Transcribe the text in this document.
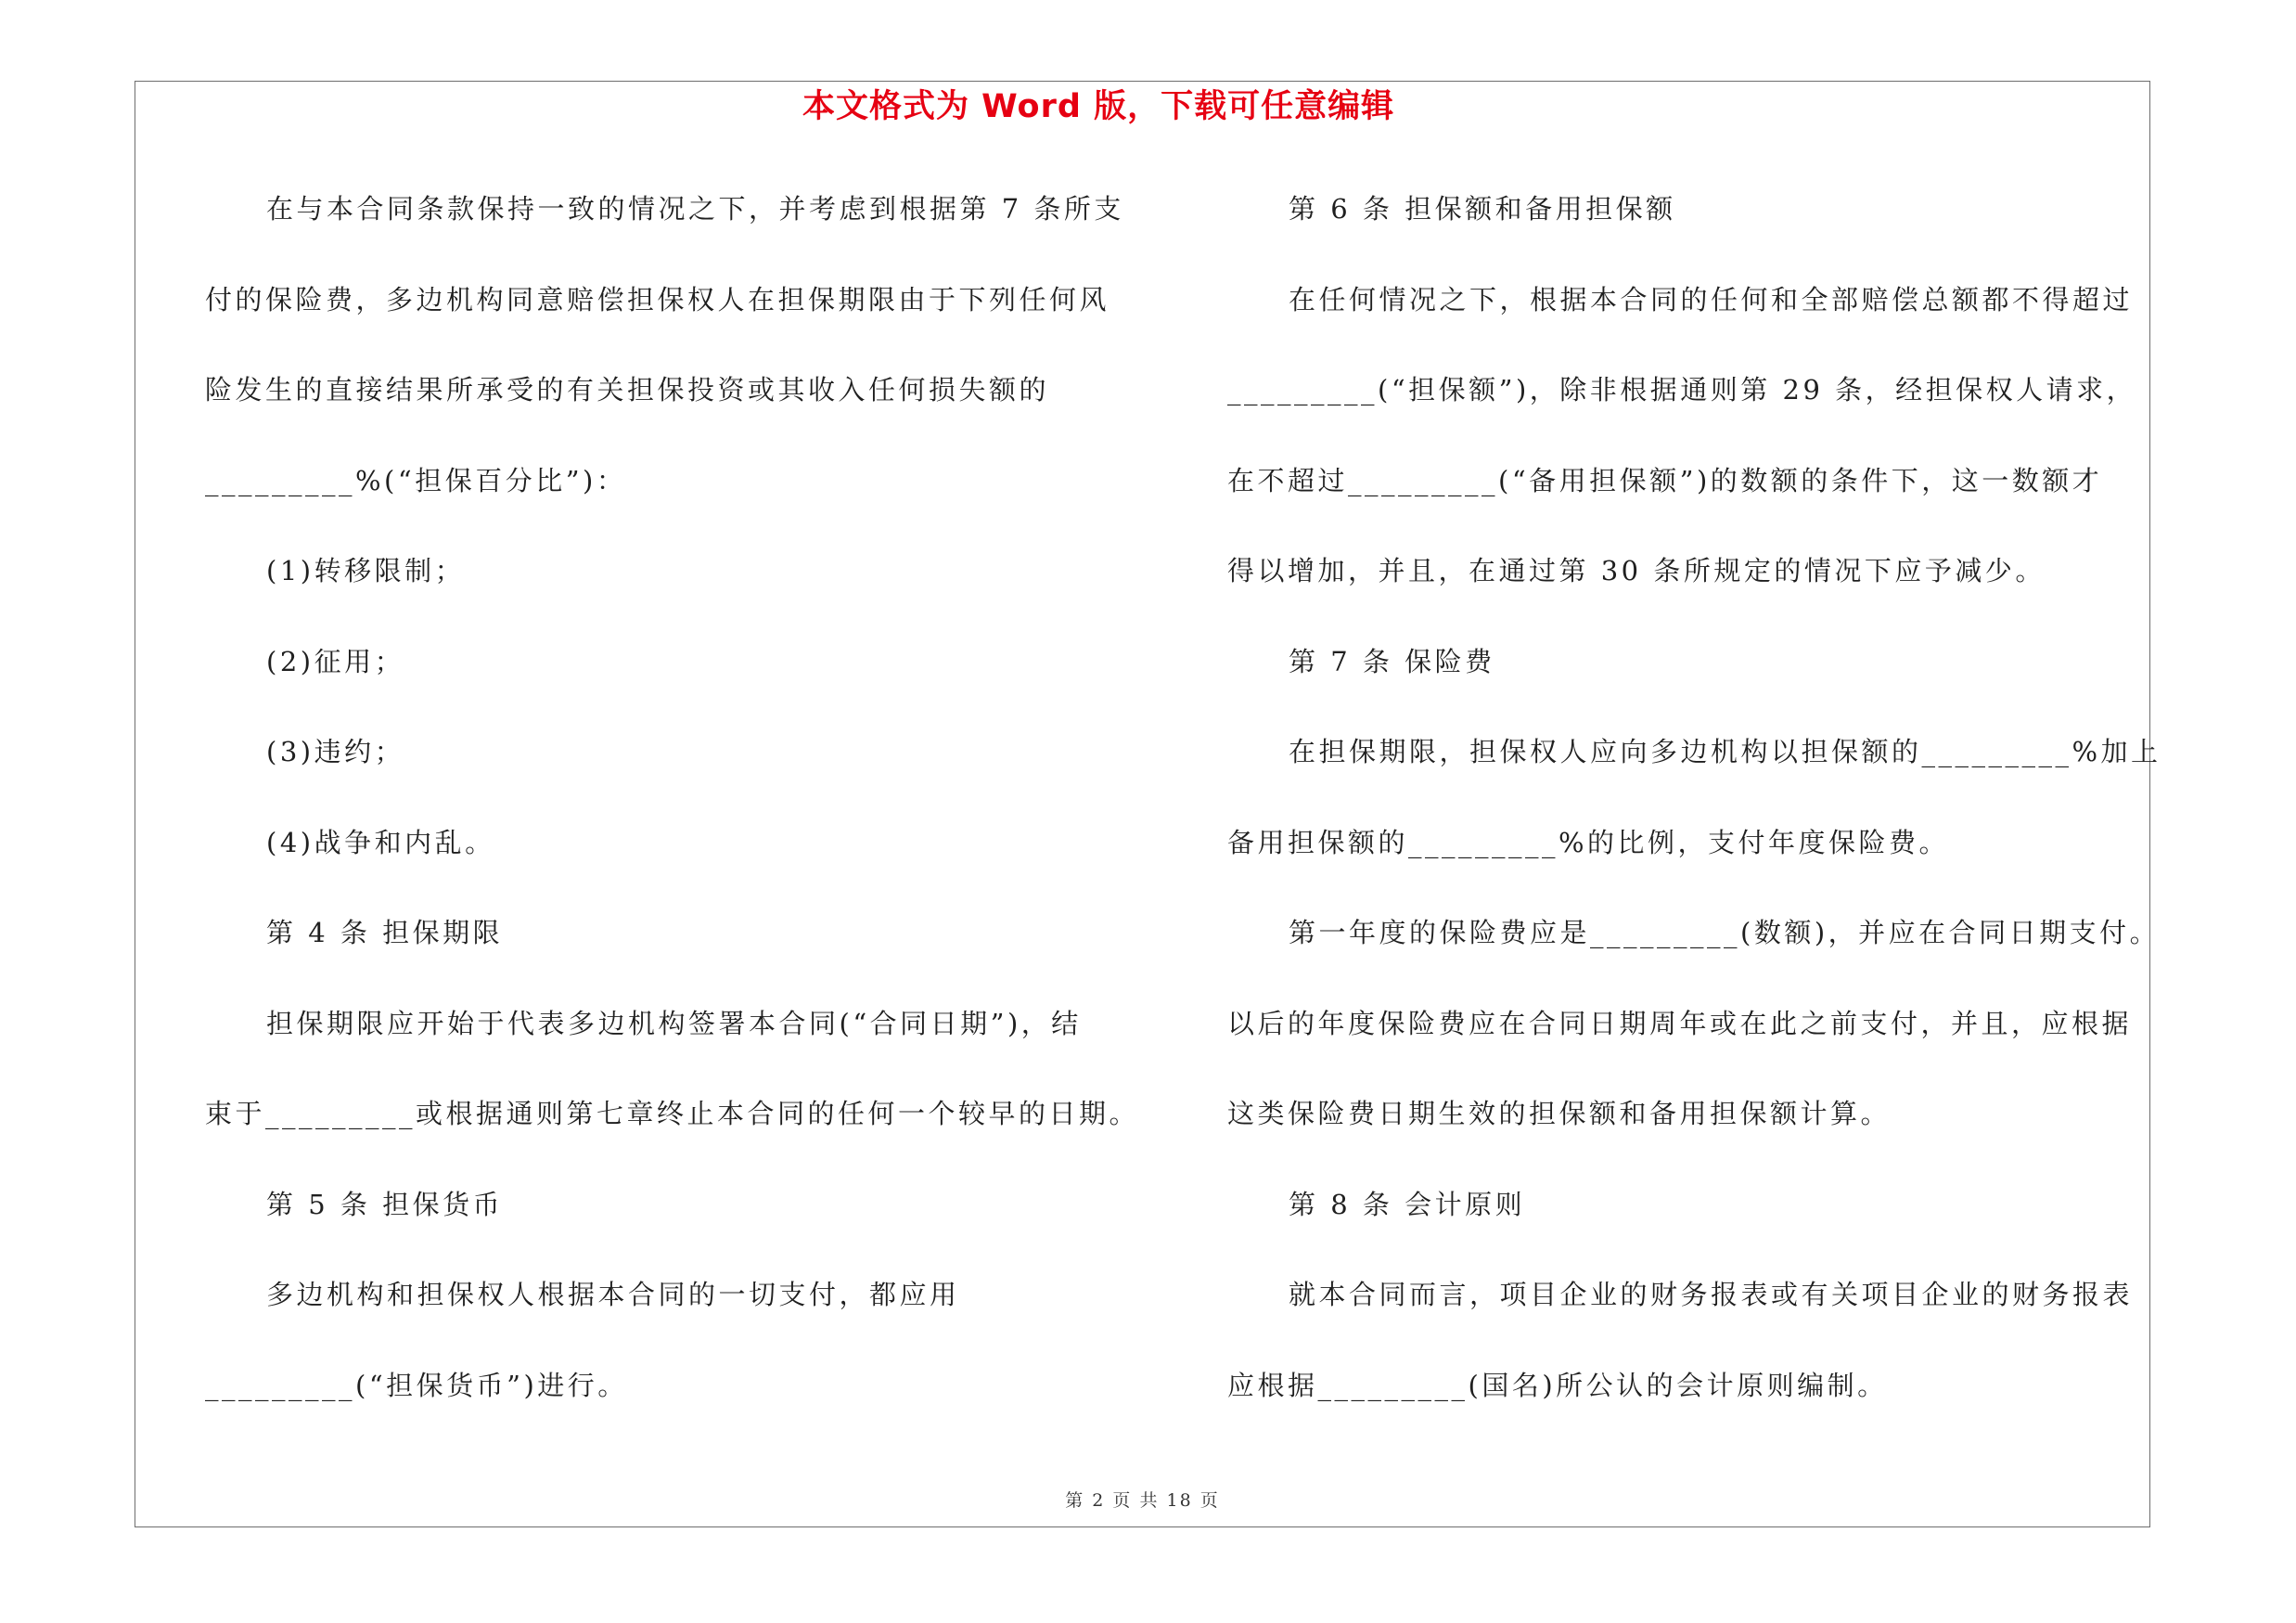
本文格式为 Word 版，下载可任意编辑
在与本合同条款保持一致的情况之下，并考虑到根据第 7 条所支
付的保险费，多边机构同意赔偿担保权人在担保期限由于下列任何风
险发生的直接结果所承受的有关担保投资或其收入任何损失额的
_________%(“担保百分比”)：
(1)转移限制；
(2)征用；
(3)违约；
(4)战争和内乱。
第 4 条 担保期限
担保期限应开始于代表多边机构签署本合同(“合同日期”)，结
束于_________或根据通则第七章终止本合同的任何一个较早的日期。
第 5 条 担保货币
多边机构和担保权人根据本合同的一切支付，都应用
_________(“担保货币”)进行。
第 6 条 担保额和备用担保额
在任何情况之下，根据本合同的任何和全部赔偿总额都不得超过
_________(“担保额”)，除非根据通则第 29 条，经担保权人请求，
在不超过_________(“备用担保额”)的数额的条件下，这一数额才
得以增加，并且，在通过第 30 条所规定的情况下应予减少。
第 7 条 保险费
在担保期限，担保权人应向多边机构以担保额的_________%加上
备用担保额的_________%的比例，支付年度保险费。
第一年度的保险费应是_________(数额)，并应在合同日期支付。
以后的年度保险费应在合同日期周年或在此之前支付，并且，应根据
这类保险费日期生效的担保额和备用担保额计算。
第 8 条 会计原则
就本合同而言，项目企业的财务报表或有关项目企业的财务报表
应根据_________(国名)所公认的会计原则编制。
第 2 页 共 18 页
